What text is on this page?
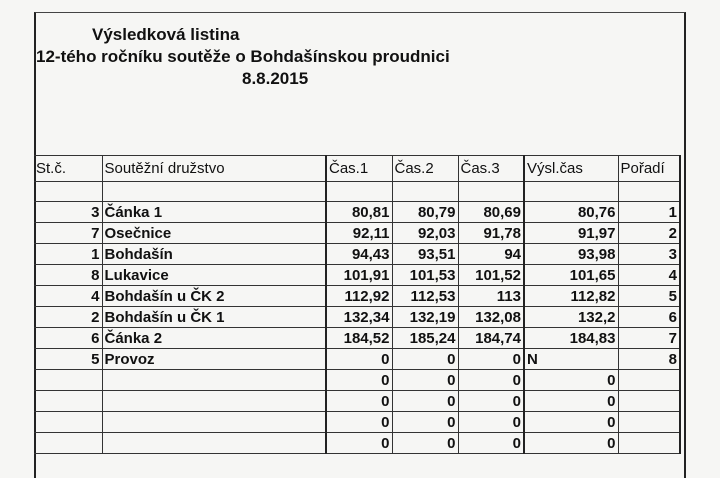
Výsledková listina
12-tého ročníku soutěže o Bohdašínskou proudnici
8.8.2015
St.č.	Soutěžní družstvo	Čas.1	Čas.2	Čas.3	Výsl.čas	Pořadí

3	Čánka 1	80,81	80,79	80,69	80,76	1
7	Osečnice	92,11	92,03	91,78	91,97	2
1	Bohdašín	94,43	93,51	94	93,98	3
8	Lukavice	101,91	101,53	101,52	101,65	4
4	Bohdašín u ČK 2	112,92	112,53	113	112,82	5
2	Bohdašín u ČK 1	132,34	132,19	132,08	132,2	6
6	Čánka 2	184,52	185,24	184,74	184,83	7
5	Provoz	0	0	0	N	8
		0	0	0	0	
		0	0	0	0	
		0	0	0	0	
		0	0	0	0	
